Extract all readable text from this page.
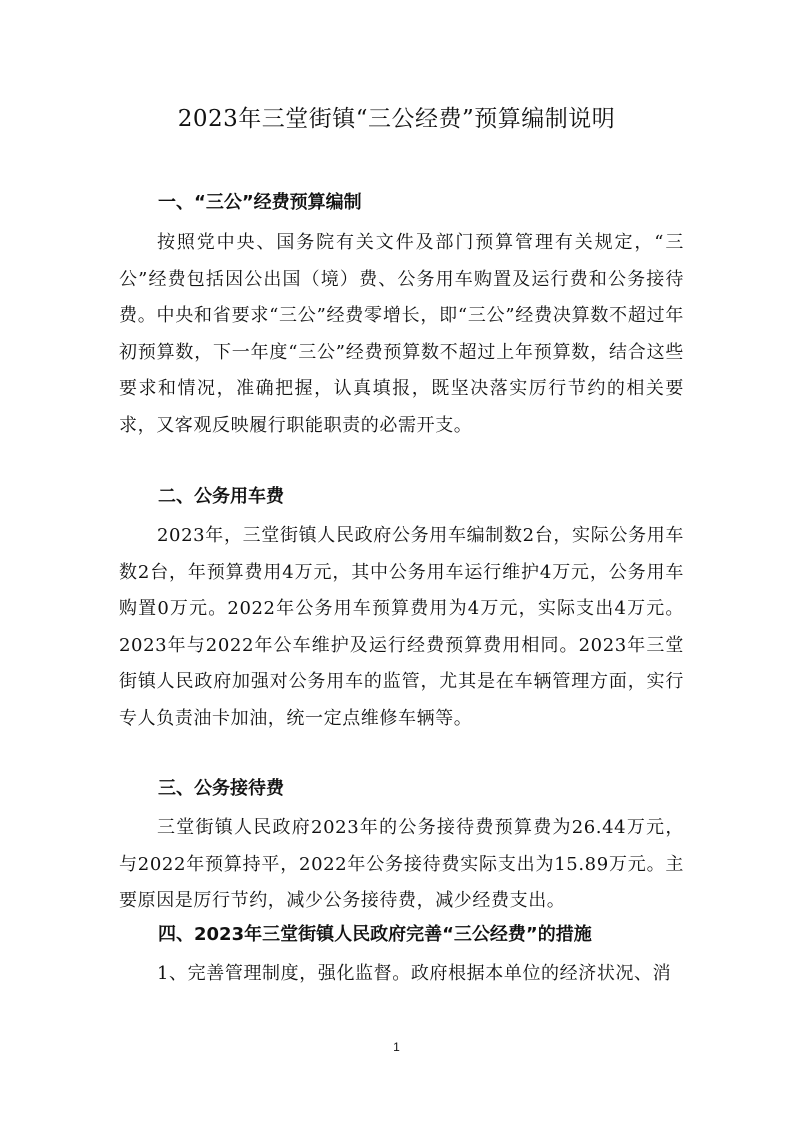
2023年三堂街镇“三公经费”预算编制说明
一、“三公”经费预算编制

按照党中央、国务院有关文件及部门预算管理有关规定，“三公”经费包括因公出国（境）费、公务用车购置及运行费和公务接待费。中央和省要求“三公”经费零增长，即“三公”经费决算数不超过年初预算数，下一年度“三公”经费预算数不超过上年预算数，结合这些要求和情况，准确把握，认真填报，既坚决落实厉行节约的相关要求，又客观反映履行职能职责的必需开支。

二、公务用车费

2023年，三堂街镇人民政府公务用车编制数2台，实际公务用车数2台，年预算费用4万元，其中公务用车运行维护4万元，公务用车购置0万元。2022年公务用车预算费用为4万元，实际支出4万元。2023年与2022年公车维护及运行经费预算费用相同。2023年三堂街镇人民政府加强对公务用车的监管，尤其是在车辆管理方面，实行专人负责油卡加油，统一定点维修车辆等。

三、公务接待费

三堂街镇人民政府2023年的公务接待费预算费为26.44万元，与2022年预算持平，2022年公务接待费实际支出为15.89万元。主要原因是厉行节约，减少公务接待费，减少经费支出。

四、2023年三堂街镇人民政府完善“三公经费”的措施

1、完善管理制度，强化监督。政府根据本单位的经济状况、消

1
